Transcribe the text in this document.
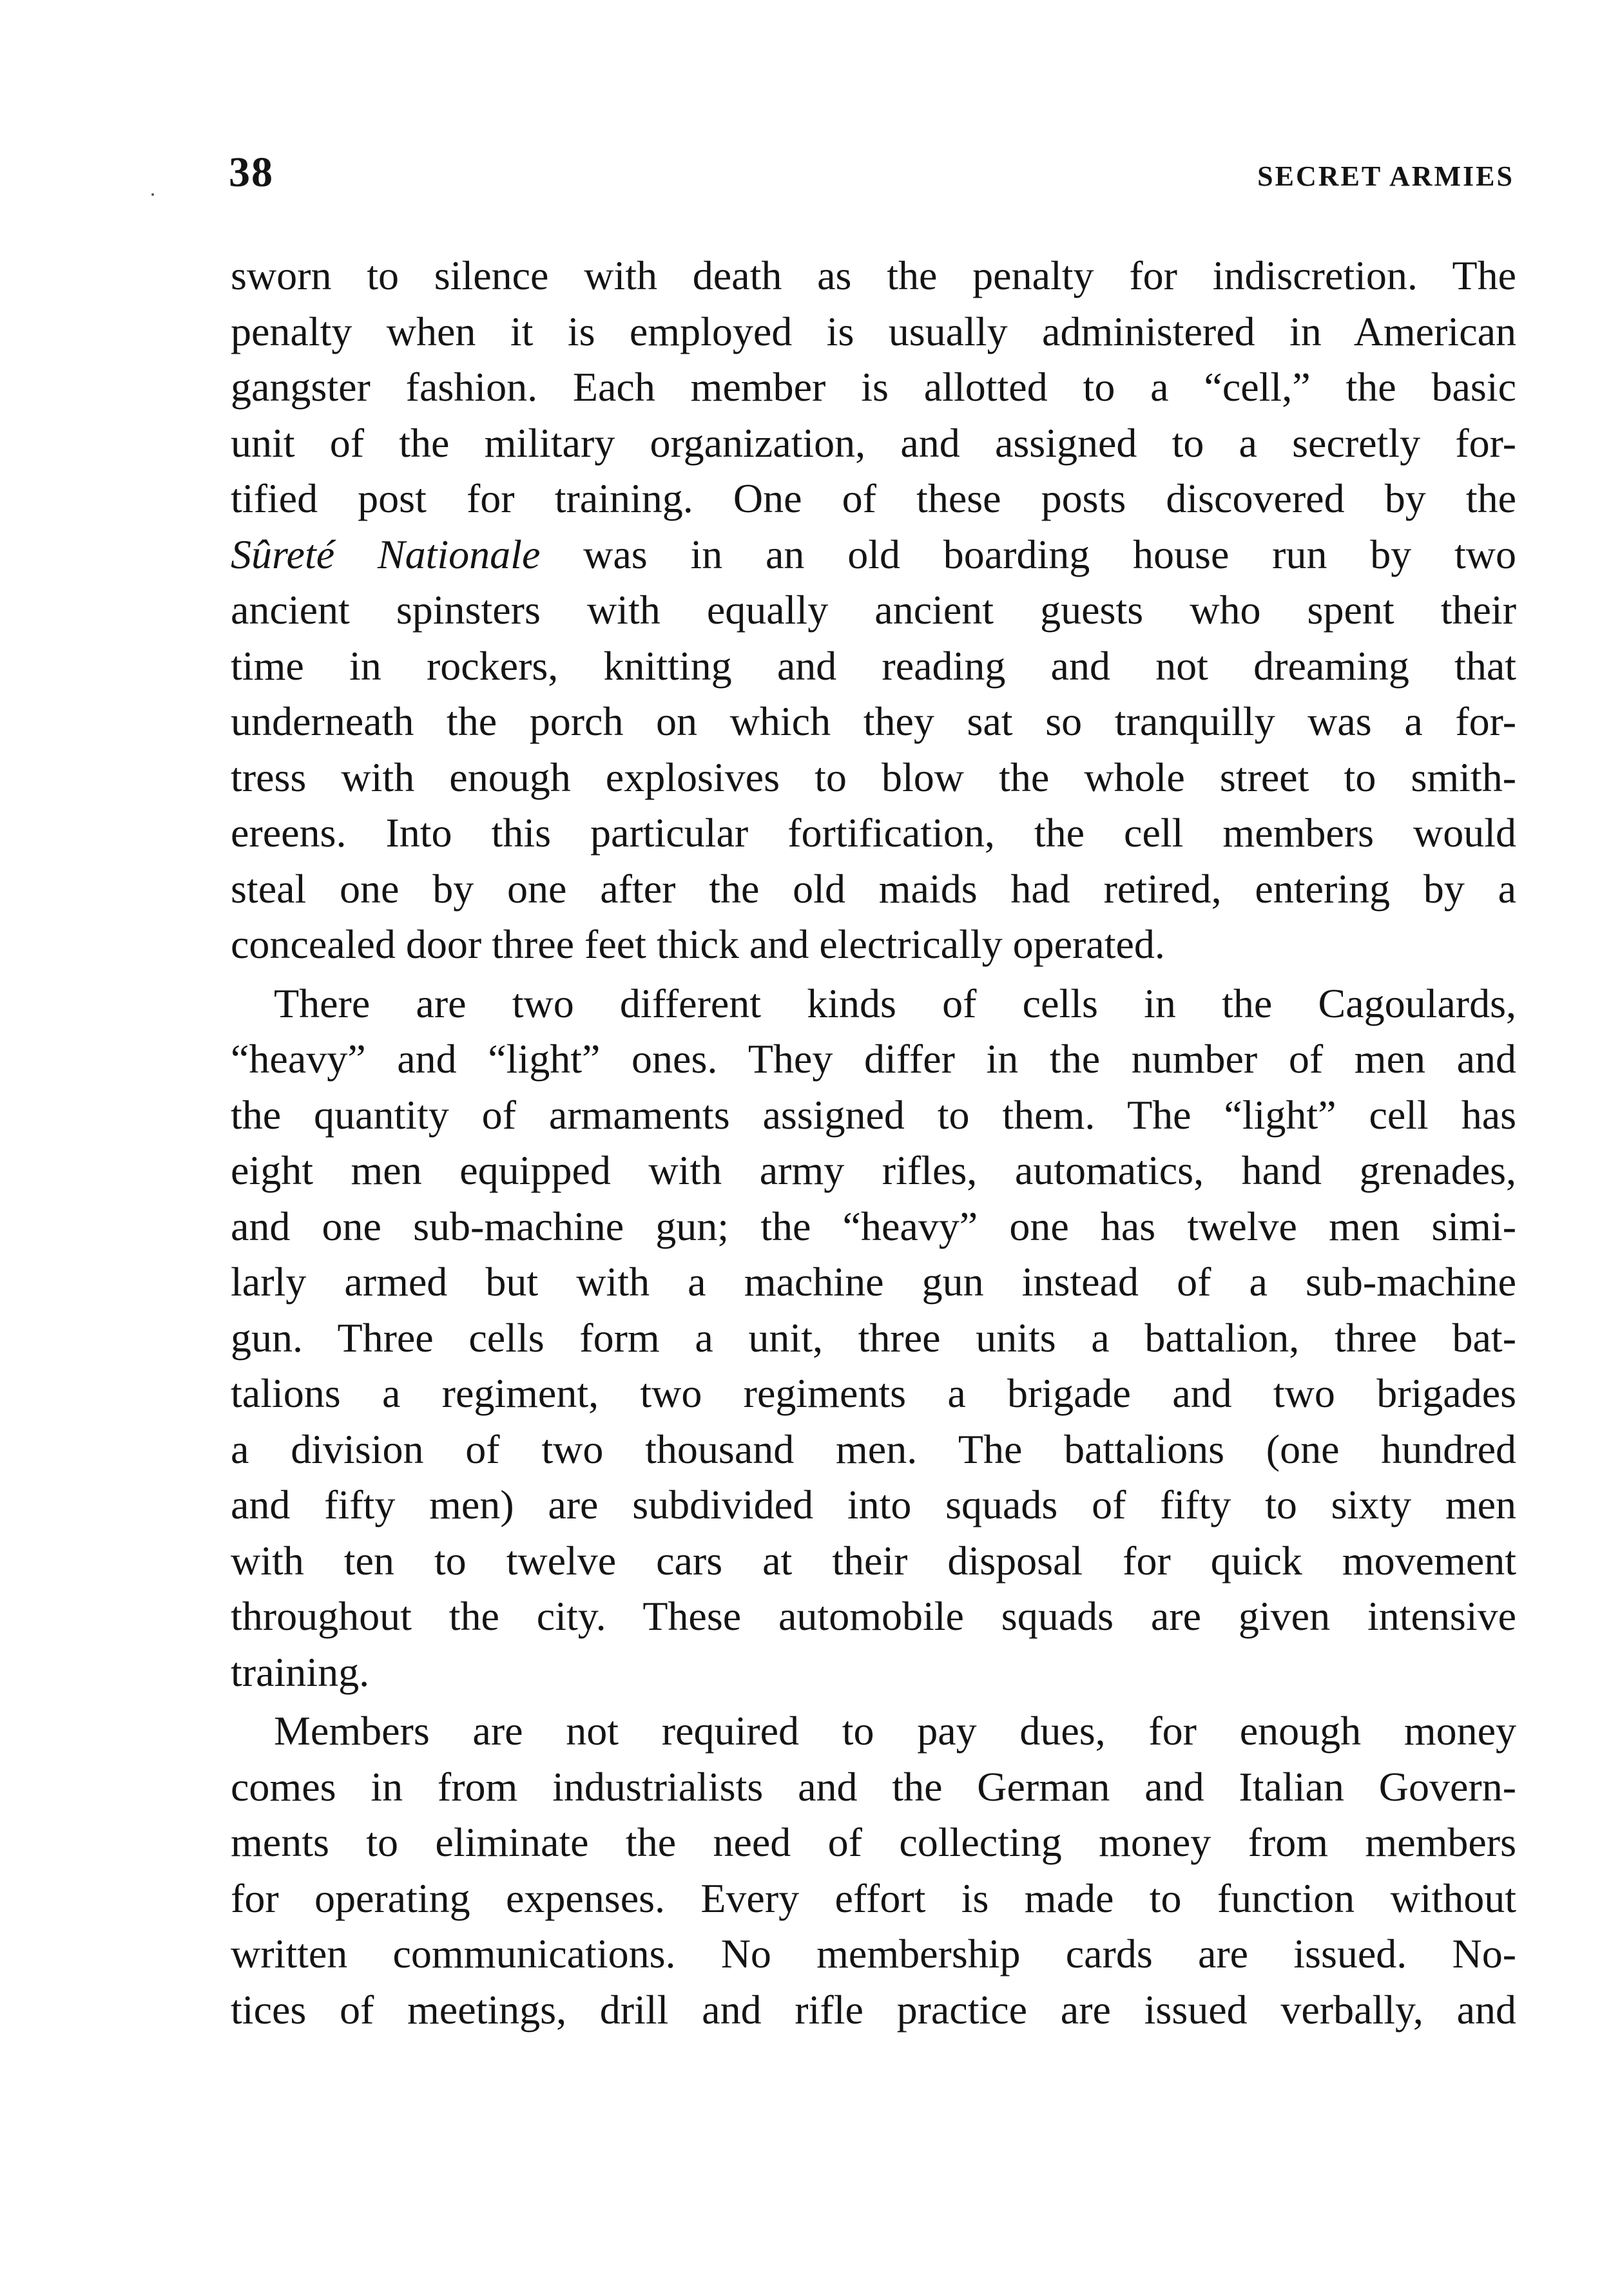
38	SECRET ARMIES
sworn to silence with death as the penalty for indiscretion. The
penalty when it is employed is usually administered in American
gangster fashion. Each member is allotted to a “cell,” the basic
unit of the military organization, and assigned to a secretly for-
tified post for training. One of these posts discovered by the
Sûreté Nationale was in an old boarding house run by two
ancient spinsters with equally ancient guests who spent their
time in rockers, knitting and reading and not dreaming that
underneath the porch on which they sat so tranquilly was a for-
tress with enough explosives to blow the whole street to smith-
ereens. Into this particular fortification, the cell members would
steal one by one after the old maids had retired, entering by a
concealed door three feet thick and electrically operated.
There are two different kinds of cells in the Cagoulards,
“heavy” and “light” ones. They differ in the number of men and
the quantity of armaments assigned to them. The “light” cell has
eight men equipped with army rifles, automatics, hand grenades,
and one sub-machine gun; the “heavy” one has twelve men simi-
larly armed but with a machine gun instead of a sub-machine
gun. Three cells form a unit, three units a battalion, three bat-
talions a regiment, two regiments a brigade and two brigades
a division of two thousand men. The battalions (one hundred
and fifty men) are subdivided into squads of fifty to sixty men
with ten to twelve cars at their disposal for quick movement
throughout the city. These automobile squads are given intensive
training.
Members are not required to pay dues, for enough money
comes in from industrialists and the German and Italian Govern-
ments to eliminate the need of collecting money from members
for operating expenses. Every effort is made to function without
written communications. No membership cards are issued. No-
tices of meetings, drill and rifle practice are issued verbally, and
